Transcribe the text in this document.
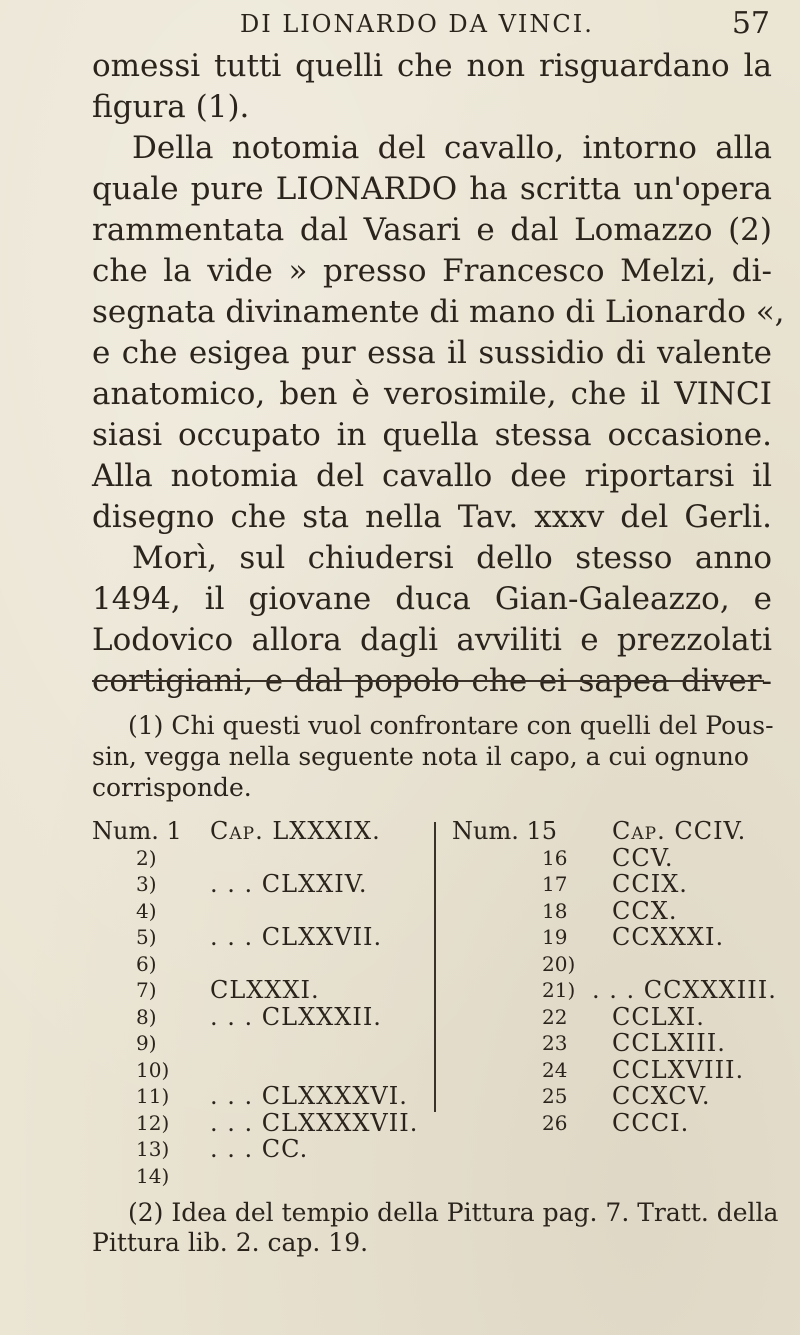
DI LIONARDO DA VINCI.	57
omessi tutti quelli che non risguardano la
figura (1).
Della notomia del cavallo, intorno alla
quale pure LIONARDO ha scritta un'opera
rammentata dal Vasari e dal Lomazzo (2)
che la vide » presso Francesco Melzi, di-
segnata divinamente di mano di Lionardo «,
e che esigea pur essa il sussidio di valente
anatomico, ben è verosimile, che il VINCI
siasi occupato in quella stessa occasione.
Alla notomia del cavallo dee riportarsi il
disegno che sta nella Tav. xxxv del Gerli.
Morì, sul chiudersi dello stesso anno
1494, il giovane duca Gian-Galeazzo, e
Lodovico allora dagli avviliti e prezzolati
cortigiani, e dal popolo che ei sapea diver-
(1) Chi questi vuol confrontare con quelli del Pous-
sin, vegga nella seguente nota il capo, a cui ognuno
corrisponde.
Num. 1 Cap. LXXXIX.
2)
3) . . . CLXXIV.
4)
5) . . . CLXXVII.
6)
7) CLXXXI.
8) . . . CLXXXII.
9)
10)
11) . . . CLXXXXVI.
12) . . . CLXXXXVII.
13) . . . CC.
14)
Num. 15 Cap. CCIV.
16 CCV.
17 CCIX.
18 CCX.
19 CCXXXI.
20)
21) . . . CCXXXIII.
22 CCLXI.
23 CCLXIII.
24 CCLXVIII.
25 CCXCV.
26 CCCI.
(2) Idea del tempio della Pittura pag. 7. Tratt. della
Pittura lib. 2. cap. 19.
